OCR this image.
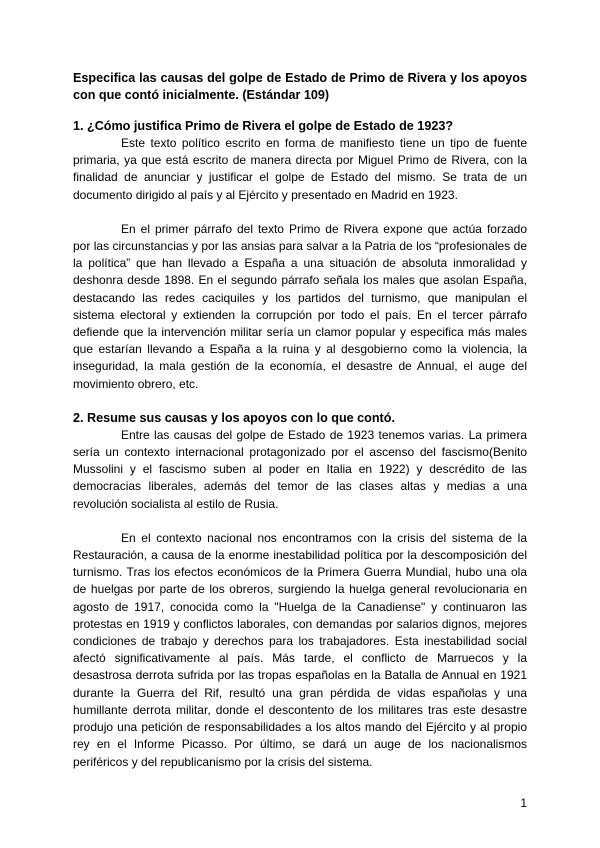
Especifica las causas del golpe de Estado de Primo de Rivera y los apoyos con que contó inicialmente. (Estándar 109)

1. ¿Cómo justifica Primo de Rivera el golpe de Estado de 1923?

Este texto político escrito en forma de manifiesto tiene un tipo de fuente primaria, ya que está escrito de manera directa por Miguel Primo de Rivera, con la finalidad de anunciar y justificar el golpe de Estado del mismo. Se trata de un documento dirigido al país y al Ejército y presentado en Madrid en 1923.

En el primer párrafo del texto Primo de Rivera expone que actúa forzado por las circunstancias y por las ansias para salvar a la Patria de los “profesionales de la política” que han llevado a España a una situación de absoluta inmoralidad y deshonra desde 1898. En el segundo párrafo señala los males que asolan España, destacando las redes caciquiles y los partidos del turnismo, que manipulan el sistema electoral y extienden la corrupción por todo el país. En el tercer párrafo defiende que la intervención militar sería un clamor popular y especifica más males que estarían llevando a España a la ruina y al desgobierno como la violencia, la inseguridad, la mala gestión de la economía, el desastre de Annual, el auge del movimiento obrero, etc.

2. Resume sus causas y los apoyos con lo que contó.

Entre las causas del golpe de Estado de 1923 tenemos varias. La primera sería un contexto internacional protagonizado por el ascenso del fascismo(Benito Mussolini y el fascismo suben al poder en Italia en 1922) y descrédito de las democracias liberales, además del temor de las clases altas y medias a una revolución socialista al estilo de Rusia.

En el contexto nacional nos encontramos con la crisis del sistema de la Restauración, a causa de la enorme inestabilidad política por la descomposición del turnismo. Tras los efectos económicos de la Primera Guerra Mundial, hubo una ola de huelgas por parte de los obreros, surgiendo la huelga general revolucionaria en agosto de 1917, conocida como la "Huelga de la Canadiense" y continuaron las protestas en 1919 y conflictos laborales, con demandas por salarios dignos, mejores condiciones de trabajo y derechos para los trabajadores. Esta inestabilidad social afectó significativamente al país. Más tarde, el conflicto de Marruecos y la desastrosa derrota sufrida por las tropas españolas en la Batalla de Annual en 1921 durante la Guerra del Rif, resultó una gran pérdida de vidas españolas y una humillante derrota militar, donde el descontento de los militares tras este desastre produjo una petición de responsabilidades a los altos mando del Ejército y al propio rey en el Informe Picasso. Por último, se dará un auge de los nacionalismos periféricos y del republicanismo por la crisis del sistema.

1
